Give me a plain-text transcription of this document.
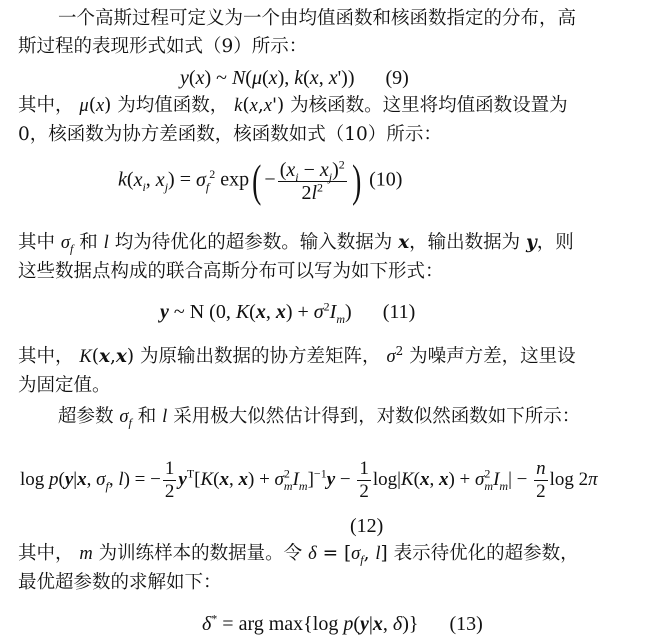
一个高斯过程可定义为一个由均值函数和核函数指定的分布，高
斯过程的表现形式如式（9）所示：
y(x) ~ N(μ(x), k(x, x')) (9)
其中， μ(x) 为均值函数， k(x,x') 为核函数。这里将均值函数设置为
0，核函数为协方差函数，核函数如式（10）所示：
$k(x_i$, $x_j) = \sigma_f^2$ $\exp( - \frac{(x_i - x_j)^2}{2l^2}$ ) (10)
其中 $\sigma_f$ 和 l 均为待优化的超参数。输入数据为 x，输出数据为 y，则
这些数据点构成的联合高斯分布可以写为如下形式：
y ~ N (0, K(x, $x) + \sigma^2I_m$) (11)
其中， K(x,x) 为原输出数据的协方差矩阵， $\sigma^2$ 为噪声方差，这里设
为固定值。
超参数 $\sigma_f$ 和 l 采用极大似然估计得到，对数似然函数如下所示：
log p(y|x, $\sigma_f$, l) = − $\frac{1}{2} y^T[K(x$, $x) + \sigma^2_mI_m]^{-1}y - \frac{1}{2} \log|K(x$, $x) + \sigma^2_mI_m| - \frac{n}{2}$ log 2π
(12)
其中， m 为训练样本的数据量。令 $\delta = [\sigma_f$, l] 表示待优化的超参数，
最优超参数的求解如下：
δ* = arg max{log p(y|x, δ)} (13)
